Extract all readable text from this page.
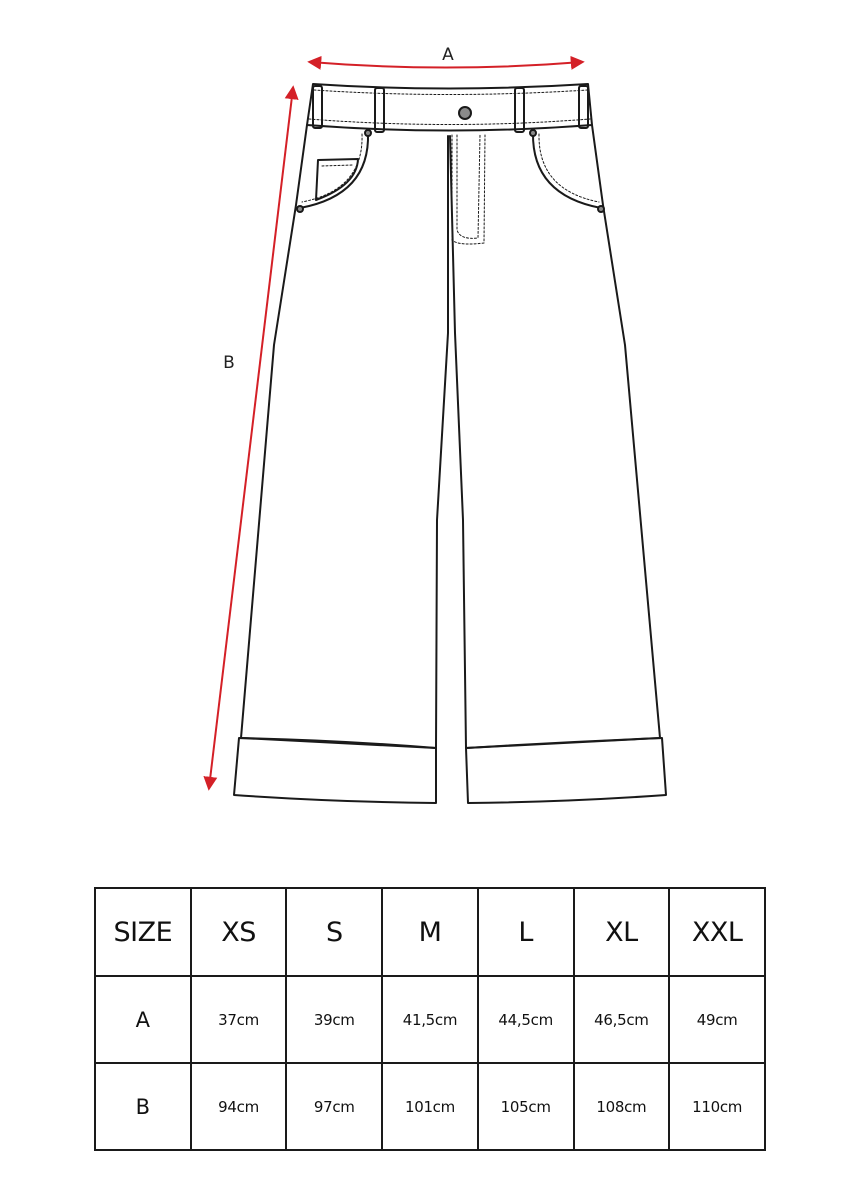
A
B
SIZE	XS	S	M	L	XL	XXL
A	37cm	39cm	41,5cm	44,5cm	46,5cm	49cm
B	94cm	97cm	101cm	105cm	108cm	110cm
